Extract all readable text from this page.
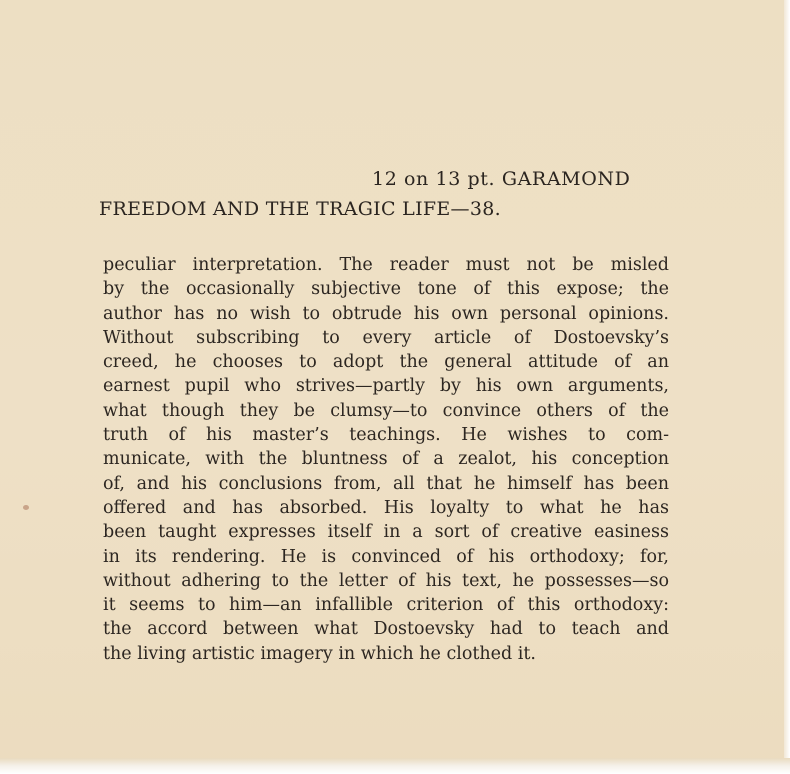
12 on 13 pt. GARAMOND
FREEDOM AND THE TRAGIC LIFE—38.
peculiar interpretation. The reader must not be misled
by the occasionally subjective tone of this expose; the
author has no wish to obtrude his own personal opinions.
Without subscribing to every article of Dostoevsky’s
creed, he chooses to adopt the general attitude of an
earnest pupil who strives—partly by his own arguments,
what though they be clumsy—to convince others of the
truth of his master’s teachings. He wishes to com-
municate, with the bluntness of a zealot, his conception
of, and his conclusions from, all that he himself has been
offered and has absorbed. His loyalty to what he has
been taught expresses itself in a sort of creative easiness
in its rendering. He is convinced of his orthodoxy; for,
without adhering to the letter of his text, he possesses—so
it seems to him—an infallible criterion of this orthodoxy:
the accord between what Dostoevsky had to teach and
the living artistic imagery in which he clothed it.
